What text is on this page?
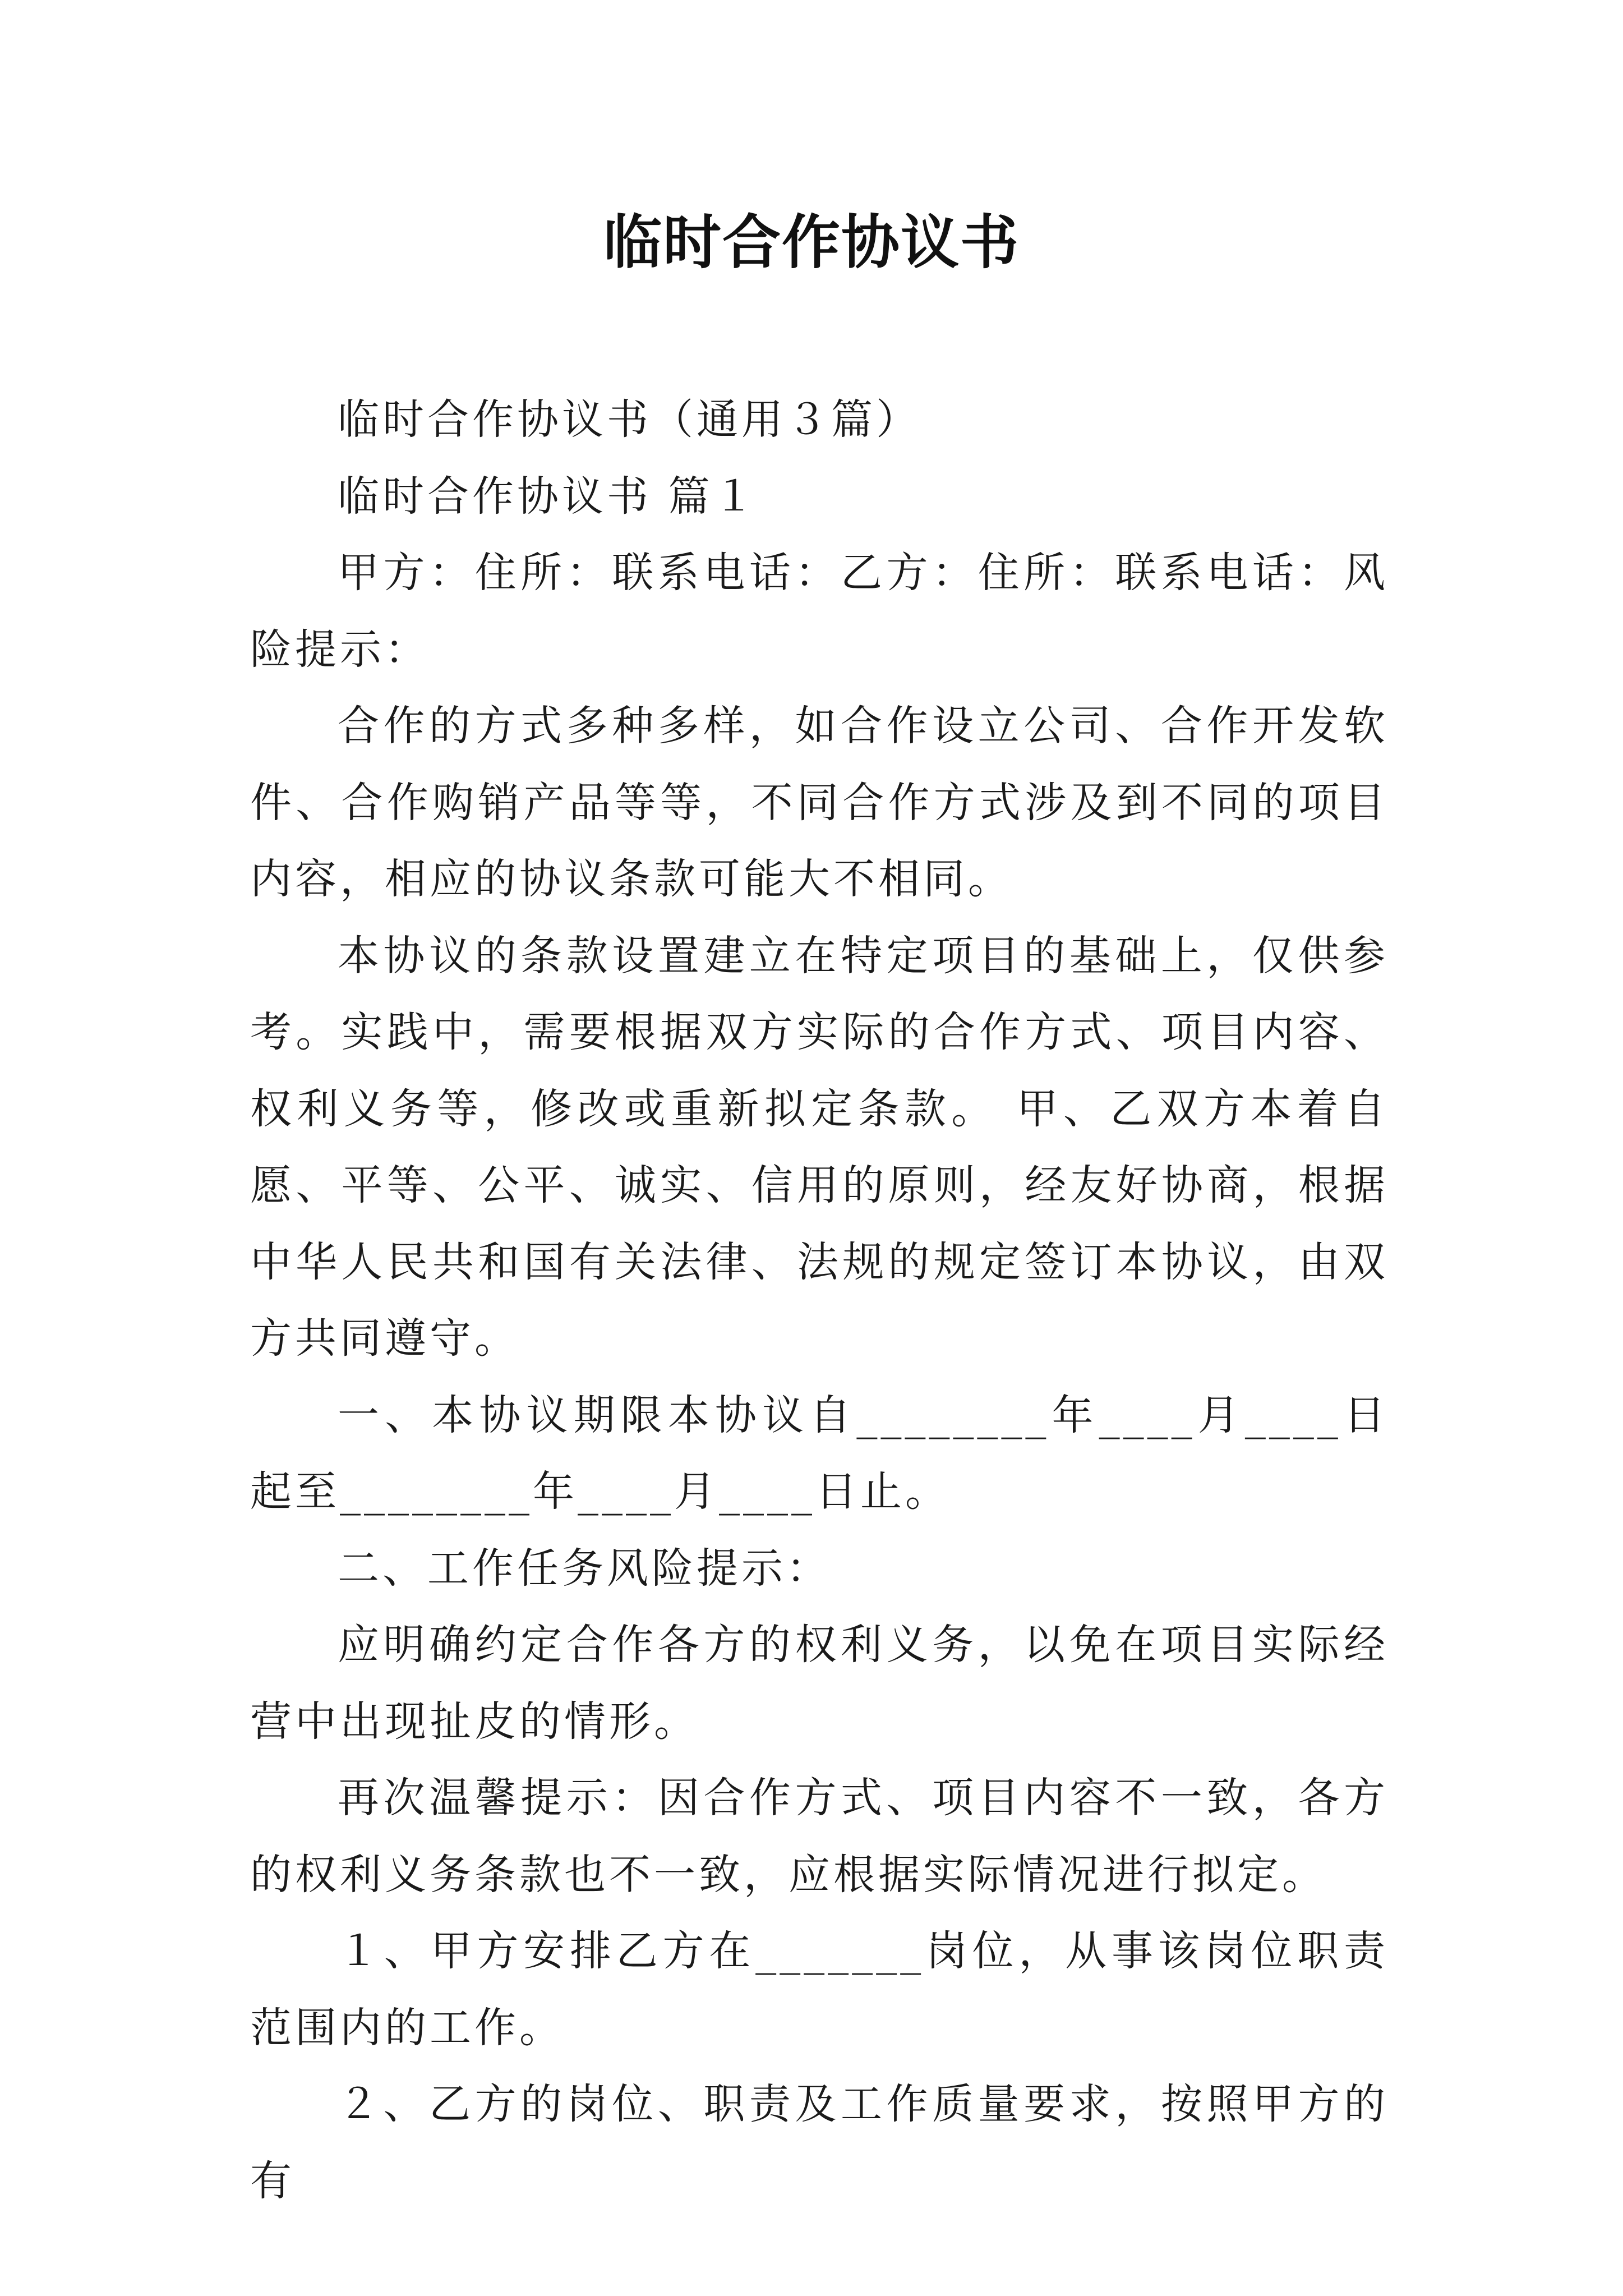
临时合作协议书

临时合作协议书（通用３篇）

临时合作协议书 篇１

甲方：住所：联系电话：乙方：住所：联系电话：风险提示：

合作的方式多种多样，如合作设立公司、合作开发软件、合作购销产品等等，不同合作方式涉及到不同的项目内容，相应的协议条款可能大不相同。

本协议的条款设置建立在特定项目的基础上，仅供参考。实践中，需要根据双方实际的合作方式、项目内容、权利义务等，修改或重新拟定条款。 甲、乙双方本着自愿、平等、公平、诚实、信用的原则，经友好协商，根据中华人民共和国有关法律、法规的规定签订本协议，由双方共同遵守。

一、本协议期限本协议自________年____月____日起至________年____月____日止。

二、工作任务风险提示：

应明确约定合作各方的权利义务，以免在项目实际经营中出现扯皮的情形。

再次温馨提示：因合作方式、项目内容不一致，各方的权利义务条款也不一致，应根据实际情况进行拟定。

１、甲方安排乙方在_______岗位，从事该岗位职责范围内的工作。

２、乙方的岗位、职责及工作质量要求，按照甲方的有
